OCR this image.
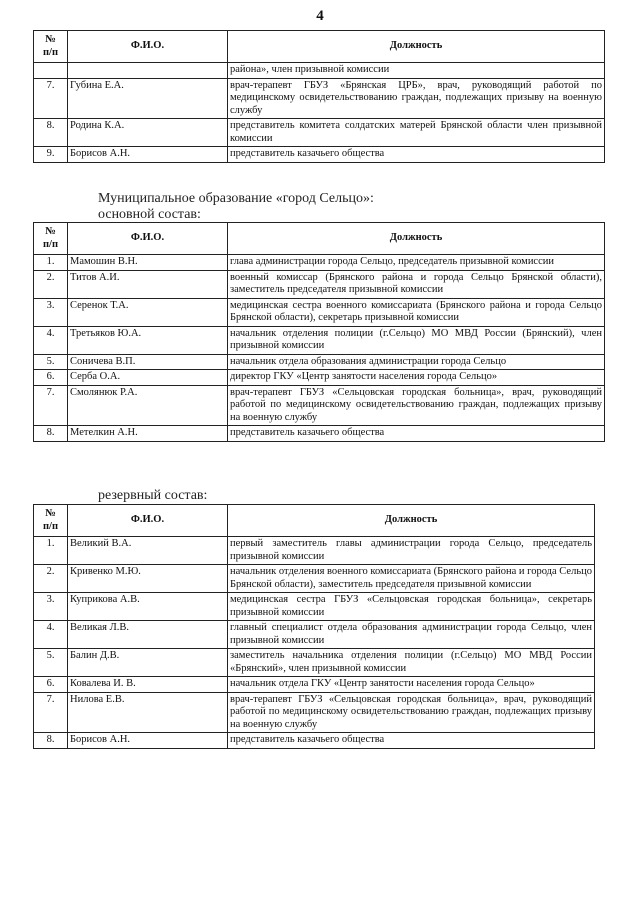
4
№
п/п	Ф.И.О.	Должность
		района», член призывной комиссии
7.	Губина Е.А.	врач-терапевт ГБУЗ «Брянская ЦРБ», врач, руководящий работой по медицинскому освидетельствованию граждан, подлежащих призыву на военную службу
8.	Родина К.А.	представитель комитета солдатских матерей Брянской области член призывной комиссии
9.	Борисов А.Н.	представитель казачьего общества
Муниципальное образование «город Сельцо»:
основной состав:
№
п/п	Ф.И.О.	Должность
1.	Мамошин В.Н.	глава администрации города Сельцо, председатель призывной комиссии
2.	Титов А.И.	военный комиссар (Брянского района и города Сельцо Брянской области), заместитель председателя призывной комиссии
3.	Серенок Т.А.	медицинская сестра военного комиссариата (Брянского района и города Сельцо Брянской области), секретарь призывной комиссии
4.	Третьяков Ю.А.	начальник отделения полиции (г.Сельцо) МО МВД России (Брянский), член призывной комиссии
5.	Соничева В.П.	начальник отдела образования администрации города Сельцо
6.	Серба О.А.	директор ГКУ «Центр занятости населения города Сельцо»
7.	Смолянюк Р.А.	врач-терапевт ГБУЗ «Сельцовская городская больница», врач, руководящий работой по медицинскому освидетельствованию граждан, подлежащих призыву на военную службу
8.	Метелкин А.Н.	представитель казачьего общества
резервный состав:
№
п/п	Ф.И.О.	Должность
1.	Великий В.А.	первый заместитель главы администрации города Сельцо, председатель призывной комиссии
2.	Кривенко М.Ю.	начальник отделения военного комиссариата (Брянского района и города Сельцо Брянской области), заместитель председателя призывной комиссии
3.	Куприкова А.В.	медицинская сестра ГБУЗ «Сельцовская городская больница», секретарь призывной комиссии
4.	Великая Л.В.	главный специалист отдела образования администрации города Сельцо, член призывной комиссии
5.	Балин Д.В.	заместитель начальника отделения полиции (г.Сельцо) МО МВД России «Брянский», член призывной комиссии
6.	Ковалева И. В.	начальник отдела ГКУ «Центр занятости населения города Сельцо»
7.	Нилова Е.В.	врач-терапевт ГБУЗ «Сельцовская городская больница», врач, руководящий работой по медицинскому освидетельствованию граждан, подлежащих призыву на военную службу
8.	Борисов А.Н.	представитель казачьего общества
